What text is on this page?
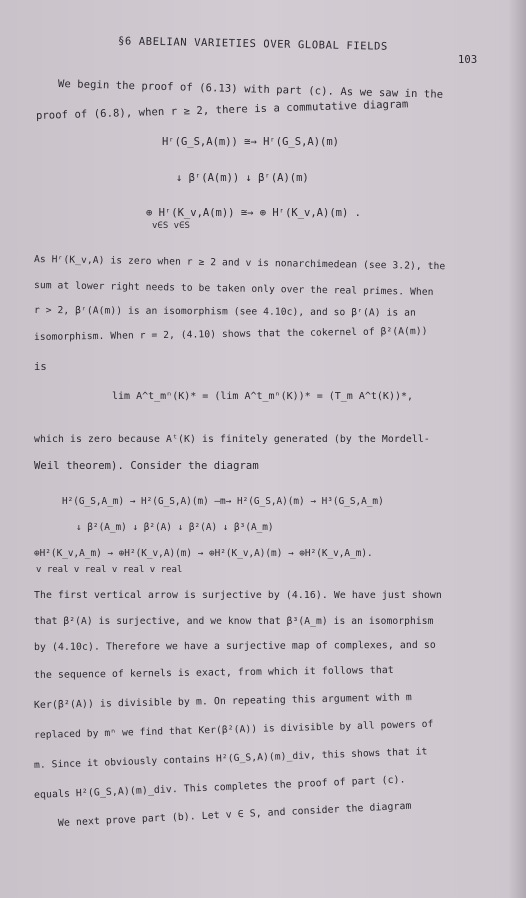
§6 ABELIAN VARIETIES OVER GLOBAL FIELDS
103
We begin the proof of (6.13) with part (c). As we saw in the
proof of (6.8), when r ≥ 2, there is a commutative diagram
Hʳ(G_S,A(m)) ≅→ Hʳ(G_S,A)(m)
↓ βʳ(A(m)) ↓ βʳ(A)(m)
⊕ Hʳ(K_v,A(m)) ≅→ ⊕ Hʳ(K_v,A)(m) .
v∈S v∈S
As Hʳ(K_v,A) is zero when r ≥ 2 and v is nonarchimedean (see 3.2), the
sum at lower right needs to be taken only over the real primes. When
r > 2, βʳ(A(m)) is an isomorphism (see 4.10c), and so βʳ(A) is an
isomorphism. When r = 2, (4.10) shows that the cokernel of β²(A(m))
is
lim A^t_mⁿ(K)* = (lim A^t_mⁿ(K))* = (T_m A^t(K))*,
which is zero because Aᵗ(K) is finitely generated (by the Mordell-
Weil theorem). Consider the diagram
H²(G_S,A_m) → H²(G_S,A)(m) —m→ H²(G_S,A)(m) → H³(G_S,A_m)
↓ β²(A_m) ↓ β²(A) ↓ β²(A) ↓ β³(A_m)
⊕H²(K_v,A_m) → ⊕H²(K_v,A)(m) → ⊕H²(K_v,A)(m) → ⊕H²(K_v,A_m).
v real v real v real v real
The first vertical arrow is surjective by (4.16). We have just shown
that β²(A) is surjective, and we know that β³(A_m) is an isomorphism
by (4.10c). Therefore we have a surjective map of complexes, and so
the sequence of kernels is exact, from which it follows that
Ker(β²(A)) is divisible by m. On repeating this argument with m
replaced by mⁿ we find that Ker(β²(A)) is divisible by all powers of
m. Since it obviously contains H²(G_S,A)(m)_div, this shows that it
equals H²(G_S,A)(m)_div. This completes the proof of part (c).
We next prove part (b). Let v ∈ S, and consider the diagram
